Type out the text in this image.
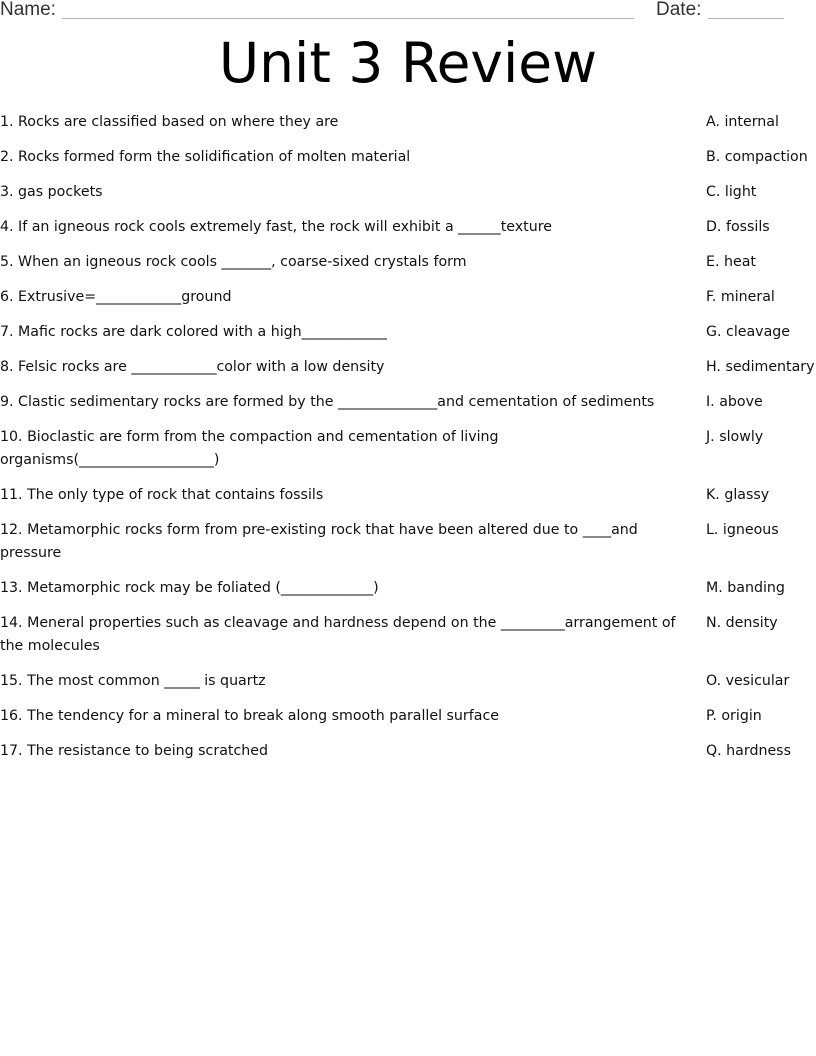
Name:	Date:
Unit 3 Review
1. Rocks are classified based on where they are
2. Rocks formed form the solidification of molten material
3. gas pockets
4. If an igneous rock cools extremely fast, the rock will exhibit a ______texture
5. When an igneous rock cools _______, coarse-sixed crystals form
6. Extrusive=____________ground
7. Mafic rocks are dark colored with a high____________
8. Felsic rocks are ____________color with a low density
9. Clastic sedimentary rocks are formed by the ______________and cementation of sediments
10. Bioclastic are form from the compaction and cementation of living organisms(___________________)
11. The only type of rock that contains fossils
12. Metamorphic rocks form from pre-existing rock that have been altered due to ____and pressure
13. Metamorphic rock may be foliated (_____________)
14. Meneral properties such as cleavage and hardness depend on the _________arrangement of the molecules
15. The most common _____ is quartz
16. The tendency for a mineral to break along smooth parallel surface
17. The resistance to being scratched
A. internal
B. compaction
C. light
D. fossils
E. heat
F. mineral
G. cleavage
H. sedimentary
I. above
J. slowly
K. glassy
L. igneous
M. banding
N. density
O. vesicular
P. origin
Q. hardness
